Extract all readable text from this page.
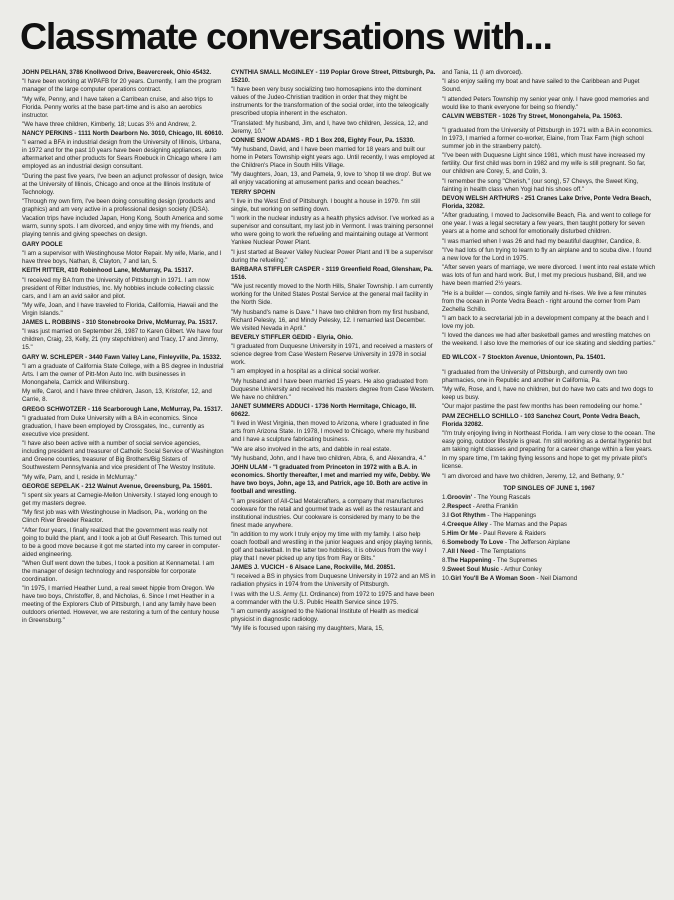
Classmate conversations with...

JOHN PELHAN, 3786 Knollwood Drive, Beavercreek, Ohio 45432.

"I have been working at WPAFB for 20 years. Currently, I am the program manager of the large computer operations contract.

"My wife, Penny, and I have taken a Carribean cruise, and also trips to Florida. Penny works at the base part-time and is also an aerobics instructor.

"We have three children, Kimberly, 18; Lucas 3½ and Andrew, 2.

NANCY PERKINS - 1111 North Dearborn No. 3010, Chicago, Ill. 60610.

"I earned a BFA in industrial design from the University of Illinois, Urbana, in 1972 and for the past 10 years have been designing appliances, auto aftermarket and other products for Sears Roebuck in Chicago where I am employed as an industrial design consultant.

"During the past five years, I've been an adjunct professor of design, twice at the University of Illinois, Chicago and once at the Illinois Institute of Technology.

"Through my own firm, I've been doing consulting design (products and graphics) and am very active in a professional design society (IDSA).

Vacation trips have included Japan, Hong Kong, South America and some warm, sunny spots. I am divorced, and enjoy time with my friends, and playing tennis and giving speeches on design.

GARY POOLE

"I am a supervisor with Westinghouse Motor Repair. My wife, Marie, and I have three boys, Nathan, 8, Clayton, 7 and Ian, 5.

KEITH RITTER, 410 Robinhood Lane, McMurray, Pa. 15317.

"I received my BA from the University of Pittsburgh in 1971. I am now president of Ritter Industries, Inc. My hobbies include collecting classic cars, and I am an avid sailor and pilot.

"My wife, Joan, and I have traveled to Florida, California, Hawaii and the Virgin Islands."

JAMES L. ROBBINS - 310 Stonebrooke Drive, McMurray, Pa. 15317.

"I was just married on September 26, 1987 to Karen Gilbert. We have four children, Craig, 23, Kelly, 21 (my stepchildren) and Tracy, 17 and Jimmy, 15."

GARY W. SCHLEPER - 3440 Fawn Valley Lane, Finleyville, Pa. 15332.

"I am a graduate of California State College, with a BS degree in Industrial Arts. I am the owner of Pitt-Mon Auto Inc. with businesses in Monongahela, Carrick and Wilkinsburg.

My wife, Carol, and I have three children, Jason, 13, Kristofer, 12, and Carrie, 8.

GREGG SCHWOTZER - 116 Scarborough Lane, McMurray, Pa. 15317.

"I graduated from Duke University with a BA in economics. Since graduation, I have been employed by Crossgates, Inc., currently as executive vice president.

"I have also been active with a number of social service agencies, including president and treasurer of Catholic Social Service of Washington and Greene counties, treasurer of Big Brothers/Big Sisters of Southwestern Pennsylvania and vice president of The Westoy Institute.

"My wife, Pam, and I, reside in McMurray."

GEORGE SEPELAK - 212 Walnut Avenue, Greensburg, Pa. 15601.

"I spent six years at Carnegie-Mellon University. I stayed long enough to get my masters degree.

"My first job was with Westinghouse in Madison, Pa., working on the Clinch River Breeder Reactor.

"After four years, I finally realized that the government was really not going to build the plant, and I took a job at Gulf Research. This turned out to be a good move because it got me started into my career in computer-aided engineering.

"When Gulf went down the tubes, I took a position at Kennametal. I am the manager of design technology and responsible for corporate coordination.

"In 1975, I married Heather Lund, a real sweet hippie from Oregon. We have two boys, Christoffer, 8, and Nicholas, 6. Since I met Heather in a meeting of the Explorers Club of Pittsburgh, I and any family have been outdoors oriented. However, we are restoring a turn of the century house in Greensburg."

CYNTHIA SMALL McGINLEY - 119 Poplar Grove Street, Pittsburgh, Pa. 15210.

"I have been very busy socializing two homosapiens into the dominent values of the Judeo-Christian tradition in order that they might be instruments for the transformation of the social order, into the teleogically prescribed utopia inherent in the eschaton.

"Translated: My husband, Jim, and I, have two children, Jessica, 12, and Jeremy, 10."

CONNIE SNOW ADAMS - RD 1 Box 208, Eighty Four, Pa. 15330.

"My husband, David, and I have been married for 18 years and built our home in Peters Township eight years ago. Until recently, I was employed at the Children's Place in South Hills Village.

"My daughters, Joan, 13, and Pamela, 9, love to 'shop til we drop'. But we all enjoy vacationing at amusement parks and ocean beaches."

TERRY SPOHN

"I live in the West End of Pittsburgh. I bought a house in 1979. I'm still single, but working on settling down.

"I work in the nuclear industry as a health physics advisor. I've worked as a supervisor and consultant, my last job in Vermont. I was training personnel who were going to work the refueling and maintaining outage at Vermont Yankee Nuclear Power Plant.

"I just started at Beaver Valley Nuclear Power Plant and I'll be a supervisor during the refueling."

BARBARA STIFFLER CASPER - 3119 Greenfield Road, Glenshaw, Pa. 1516.

"We just recently moved to the North Hills, Shaler Township. I am currently working for the United States Postal Service at the general mail facility in the North Side.

"My husband's name is Dave." I have two children from my first husband, Richard Pelesky, 16, and Mindy Pelesky, 12. I remarried last December. We visited Nevada in April."

BEVERLY STIFFLER GEDID - Elyria, Ohio.

"I graduated from Duquesne University in 1971, and received a masters of science degree from Case Western Reserve University in 1978 in social work.

"I am employed in a hospital as a clinical social worker.

"My husband and I have been married 15 years. He also graduated from Duquesne University and received his masters degree from Case Western. We have no children."

JANET SUMMERS ADDUCI - 1736 North Hermitage, Chicago, Ill. 60622.

"I lived in West Virginia, then moved to Arizona, where I graduated in fine arts from Arizona State. In 1978, I moved to Chicago, where my husband and I have a sculpture fabricating business.

"We are also involved in the arts, and dabble in real estate.

"My husband, John, and I have two children, Abra, 6, and Alexandra, 4."

JOHN ULAM - "I graduated from Princeton in 1972 with a B.A. in economics. Shortly thereafter, I met and married my wife, Debby. We have two boys, John, age 13, and Patrick, age 10. Both are active in football and wrestling.

"I am president of All-Clad Metalcrafters, a company that manufactures cookware for the retail and gourmet trade as well as the restaurant and institutional industries. Our cookware is considered by many to be the finest made anywhere.

"In addition to my work I truly enjoy my time with my family. I also help coach football and wrestling in the junior leagues and enjoy playing tennis, golf and basketball. In the latter two hobbies, it is obvious from the way I play that I never picked up any tips from Ray or Bits."

JAMES J. VUCICH - 6 Alsace Lane, Rockville, Md. 20851.

"I received a BS in physics from Duquesne University in 1972 and an MS in radiation physics in 1974 from the University of Pittsburgh.

I was with the U.S. Army (Lt. Ordinance) from 1972 to 1975 and have been a commander with the U.S. Public Health Service since 1975.

"I am currently assigned to the National Institute of Health as medical physicist in diagnostic radiology.

"My life is focused upon raising my daughters, Mara, 15,

and Tania, 11 (I am divorced).

"I also enjoy sailing my boat and have sailed to the Caribbean and Puget Sound.

"I attended Peters Township my senior year only. I have good memories and would like to thank everyone for being so friendly."

CALVIN WEBSTER - 1026 Try Street, Monongahela, Pa. 15063.

"I graduated from the University of Pittsburgh in 1971 with a BA in economics. In 1973, I married a former co-worker, Elaine, from Trax Farm (high school summer job in the strawberry patch).

"I've been with Duquesne Light since 1981, which must have increased my fertility. Our first child was born in 1982 and my wife is still pregnant. So far, our children are Corey, 5, and Colin, 3.

"I remember the song "Cherish," (our song), 57 Chevys, the Sweet King, fainting in health class when Yogi had his shoes off."

DEVON WELSH ARTHURS - 251 Cranes Lake Drive, Ponte Vedra Beach, Florida, 32082.

"After graduating, I moved to Jacksonville Beach, Fla. and went to college for one year. I was a legal secretary a few years, then taught pottery for seven years at a home and school for emotionally disturbed children.

"I was married when I was 26 and had my beautiful daughter, Candice, 8.

"I've had lots of fun trying to learn to fly an airplane and to scuba dive. I found a new love for the Lord in 1975.

"After seven years of marriage, we were divorced. I went into real estate which was lots of fun and hard work. But, I met my precious husband, Bill, and we have been married 2½ years.

"He is a builder — condos, single family and hi-rises. We live a few minutes from the ocean in Ponte Vedra Beach - right around the corner from Pam Zechella Schillo.

"I am back to a secretarial job in a development company at the beach and I love my job.

"I loved the dances we had after basketball games and wrestling matches on the weekend. I also love the memories of our ice skating and sledding parties."

ED WILCOX - 7 Stockton Avenue, Uniontown, Pa. 15401.

"I graduated from the University of Pittsburgh, and currently own two pharmacies, one in Republic and another in California, Pa.

"My wife, Rose, and I, have no children, but do have two cats and two dogs to keep us busy.

"Our major pastime the past few months has been remodeling our home."

PAM ZECHELLO SCHILLO - 103 Sanchez Court, Ponte Vedra Beach, Florida 32082.

"I'm truly enjoying living in Northeast Florida. I am very close to the ocean. The easy going, outdoor lifestyle is great. I'm still working as a dental hygenist but am taking night classes and preparing for a career change within a few years.

In my spare time, I'm taking flying lessons and hope to get my private pilot's license.

"I am divorced and have two children, Jeremy, 12, and Bethany, 9."

TOP SINGLES OF JUNE 1, 1967

1.Groovin' - The Young Rascals
2.Respect - Aretha Franklin
3.I Got Rhythm - The Happenings
4.Creeque Alley - The Mamas and the Papas
5.Him Or Me - Paul Revere & Raiders
6.Somebody To Love - The Jefferson Airplane
7.All I Need - The Temptations
8.The Happening - The Supremes
9.Sweet Soul Music - Arthur Conley
10.Girl You'll Be A Woman Soon - Neil Diamond
